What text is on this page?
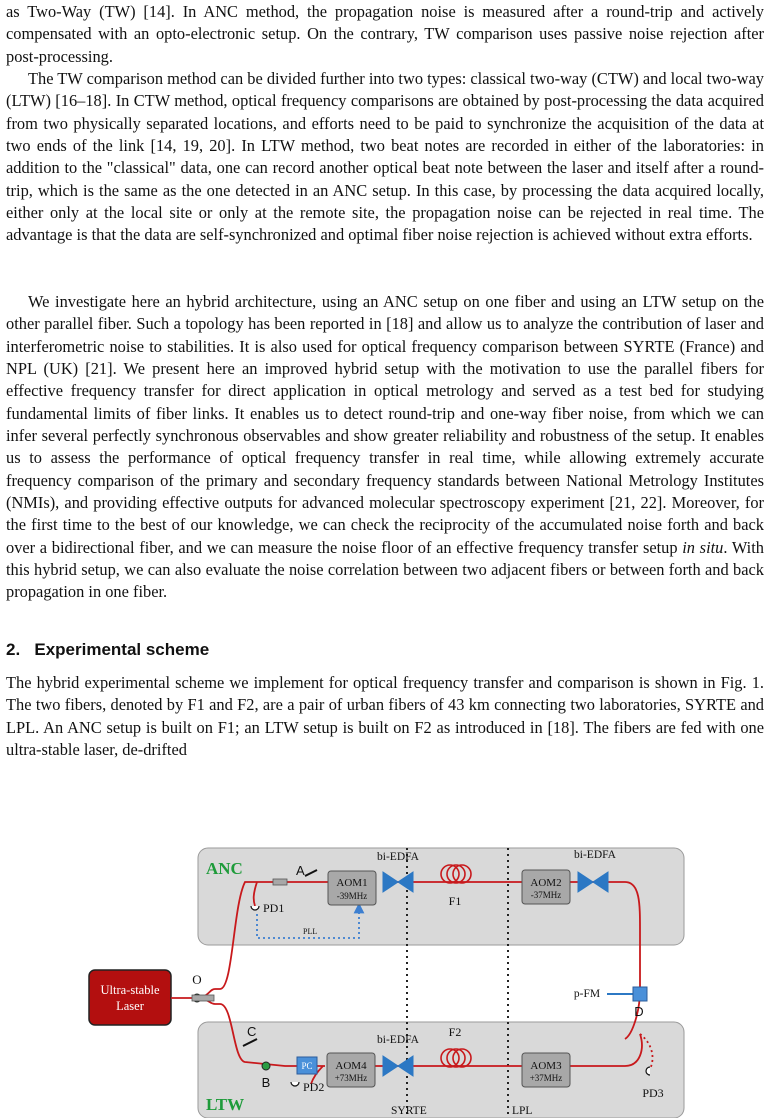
as Two-Way (TW) [14]. In ANC method, the propagation noise is measured after a round-trip and actively compensated with an opto-electronic setup. On the contrary, TW comparison uses passive noise rejection after post-processing.

The TW comparison method can be divided further into two types: classical two-way (CTW) and local two-way (LTW) [16–18]. In CTW method, optical frequency comparisons are obtained by post-processing the data acquired from two physically separated locations, and efforts need to be paid to synchronize the acquisition of the data at two ends of the link [14, 19, 20]. In LTW method, two beat notes are recorded in either of the laboratories: in addition to the "classical" data, one can record another optical beat note between the laser and itself after a round-trip, which is the same as the one detected in an ANC setup. In this case, by processing the data acquired locally, either only at the local site or only at the remote site, the propagation noise can be rejected in real time. The advantage is that the data are self-synchronized and optimal fiber noise rejection is achieved without extra efforts.

We investigate here an hybrid architecture, using an ANC setup on one fiber and using an LTW setup on the other parallel fiber. Such a topology has been reported in [18] and allow us to analyze the contribution of laser and interferometric noise to stabilities. It is also used for optical frequency comparison between SYRTE (France) and NPL (UK) [21]. We present here an improved hybrid setup with the motivation to use the parallel fibers for effective frequency transfer for direct application in optical metrology and served as a test bed for studying fundamental limits of fiber links. It enables us to detect round-trip and one-way fiber noise, from which we can infer several perfectly synchronous observables and show greater reliability and robustness of the setup. It enables us to assess the performance of optical frequency transfer in real time, while allowing extremely accurate frequency comparison of the primary and secondary frequency standards between National Metrology Institutes (NMIs), and providing effective outputs for advanced molecular spectroscopy experiment [21, 22]. Moreover, for the first time to the best of our knowledge, we can check the reciprocity of the accumulated noise forth and back over a bidirectional fiber, and we can measure the noise floor of an effective frequency transfer setup in situ. With this hybrid setup, we can also evaluate the noise correlation between two adjacent fibers or between forth and back propagation in one fiber.

2. Experimental scheme

The hybrid experimental scheme we implement for optical frequency transfer and comparison is shown in Fig. 1. The two fibers, denoted by F1 and F2, are a pair of urban fibers of 43 km connecting two laboratories, SYRTE and LPL. An ANC setup is built on F1; an LTW setup is built on F2 as introduced in [18]. The fibers are fed with one ultra-stable laser, de-drifted

ANC
LTW
Ultra-stable
Laser
O
A
PD1
PLL
AOM1
-39MHz
bi-EDFA
F1
AOM2
-37MHz
bi-EDFA
p-FM
D
PD3
C
B	PD2
PC AOM4
+73MHz
bi-EDFA
F2
AOM3
+37MHz
SYRTE	LPL
